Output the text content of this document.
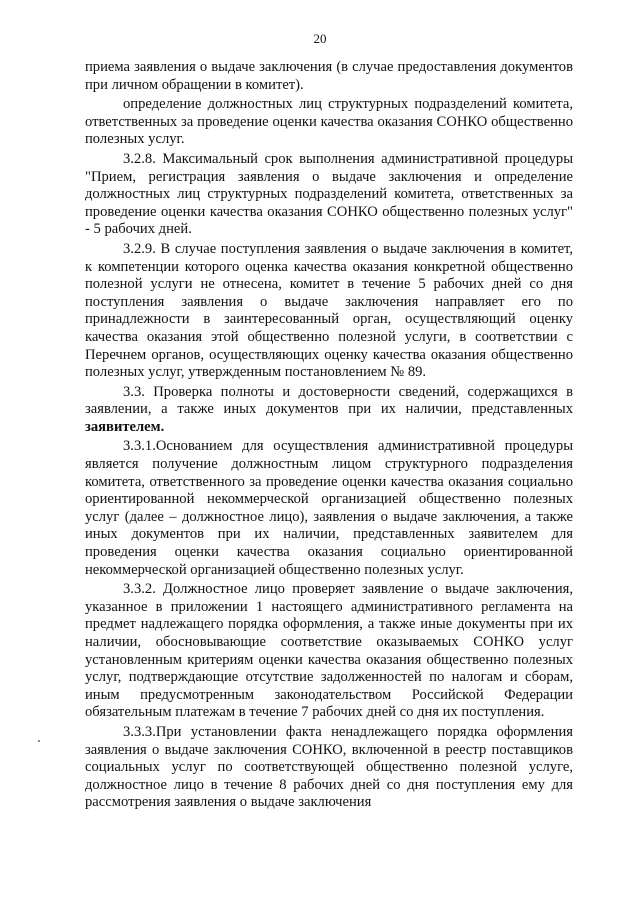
20

приема заявления о выдаче заключения (в случае предоставления документов при личном обращении в комитет).

определение должностных лиц структурных подразделений комитета, ответственных за проведение оценки качества оказания СОНКО общественно полезных услуг.

3.2.8. Максимальный срок выполнения административной процедуры "Прием, регистрация заявления о выдаче заключения и определение должностных лиц структурных подразделений комитета, ответственных за проведение оценки качества оказания СОНКО общественно полезных услуг" - 5 рабочих дней.

3.2.9. В случае поступления заявления о выдаче заключения в комитет, к компетенции которого оценка качества оказания конкретной общественно полезной услуги не отнесена, комитет в течение 5 рабочих дней со дня поступления заявления о выдаче заключения направляет его по принадлежности в заинтересованный орган, осуществляющий оценку качества оказания этой общественно полезной услуги, в соответствии с Перечнем органов, осуществляющих оценку качества оказания общественно полезных услуг, утвержденным постановлением № 89.

3.3. Проверка полноты и достоверности сведений, содержащихся в заявлении, а также иных документов при их наличии, представленных заявителем.

3.3.1.Основанием для осуществления административной процедуры является получение должностным лицом структурного подразделения комитета, ответственного за проведение оценки качества оказания социально ориентированной некоммерческой организацией общественно полезных услуг (далее – должностное лицо), заявления о выдаче заключения, а также иных документов при их наличии, представленных заявителем для проведения оценки качества оказания социально ориентированной некоммерческой организацией общественно полезных услуг.

3.3.2. Должностное лицо проверяет заявление о выдаче заключения, указанное в приложении 1 настоящего административного регламента на предмет надлежащего порядка оформления, а также иные документы при их наличии, обосновывающие соответствие оказываемых СОНКО услуг установленным критериям оценки качества оказания общественно полезных услуг, подтверждающие отсутствие задолженностей по налогам и сборам, иным предусмотренным законодательством Российской Федерации обязательным платежам в течение 7 рабочих дней со дня их поступления.

3.3.3.При установлении факта ненадлежащего порядка оформления заявления о выдаче заключения СОНКО, включенной в реестр поставщиков социальных услуг по соответствующей общественно полезной услуге, должностное лицо в течение 8 рабочих дней со дня поступления ему для рассмотрения заявления о выдаче заключения
